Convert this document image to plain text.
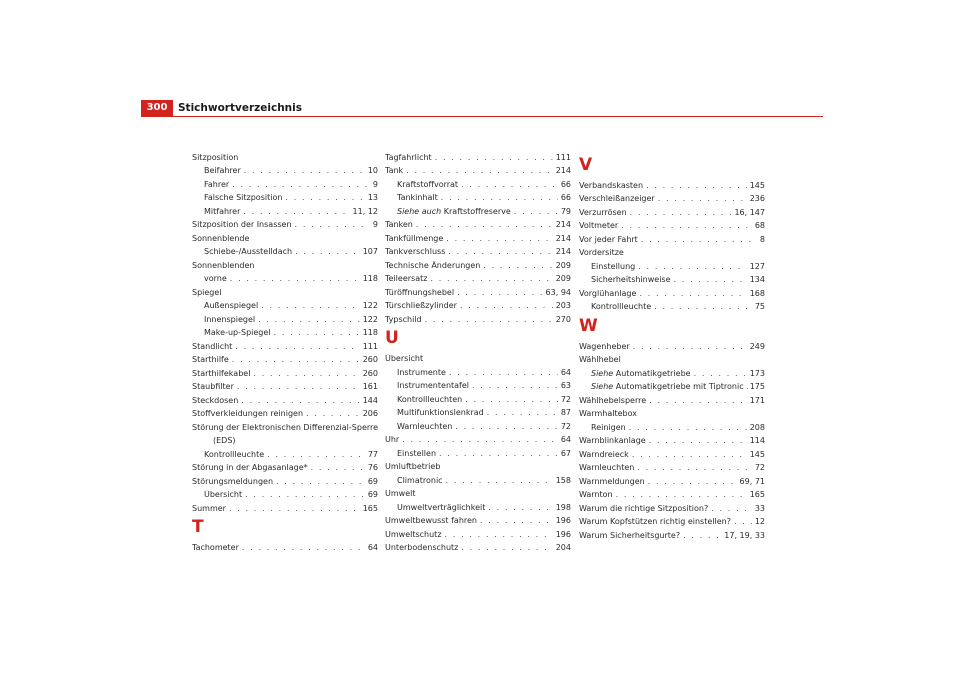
300	Stichwortverzeichnis
Sitzposition
Beifahrer . . .	10
Fahrer . . .	9
Falsche Sitzposition . . .	13
Mitfahrer . . .	11, 12
Sitzposition der Insassen . . .	9
Sonnenblende
Schiebe-/Ausstelldach . . .	107
Sonnenblenden
vorne . . .	118
Spiegel
Außenspiegel . . .	122
Innenspiegel . . .	122
Make-up-Spiegel . . .	118
Standlicht . . .	111
Starthilfe . . .	260
Starthilfekabel . . .	260
Staubfilter . . .	161
Steckdosen . . .	144
Stoffverkleidungen reinigen . . .	206
Störung der Elektronischen Differenzial-Sperre
(EDS)
Kontrollleuchte . . .	77
Störung in der Abgasanlage* . . .	76
Störungsmeldungen . . .	69
Übersicht . . .	69
Summer . . .	165
T
Tachometer . . .	64
Tagfahrlicht . . .	111
Tank . . .	214
Kraftstoffvorrat . . .	66
Tankinhalt . . .	66
Siehe auch Kraftstoffreserve . . .	79
Tanken . . .	214
Tankfüllmenge . . .	214
Tankverschluss . . .	214
Technische Änderungen . . .	209
Teileersatz . . .	209
Türöffnungshebel . . .	63, 94
Türschließzylinder . . .	203
Typschild . . .	270
U
Übersicht
Instrumente . . .	64
Instrumententafel . . .	63
Kontrollleuchten . . .	72
Multifunktionslenkrad . . .	87
Warnleuchten . . .	72
Uhr . . .	64
Einstellen . . .	67
Umluftbetrieb
Climatronic . . .	158
Umwelt
Umweltverträglichkeit . . .	198
Umweltbewusst fahren . . .	196
Umweltschutz . . .	196
Unterbodenschutz . . .	204
V
Verbandskasten . . .	145
Verschleißanzeiger . . .	236
Verzurrösen . . .	16, 147
Voltmeter . . .	68
Vor jeder Fahrt . . .	8
Vordersitze
Einstellung . . .	127
Sicherheitshinweise . . .	134
Vorglühanlage . . .	168
Kontrollleuchte . . .	75
W
Wagenheber . . .	249
Wählhebel
Siehe Automatikgetriebe . . .	173
Siehe Automatikgetriebe mit Tiptronic . . . 175
Wählhebelsperre . . .	171
Warmhaltebox
Reinigen . . .	208
Warnblinkanlage . . .	114
Warndreieck . . .	145
Warnleuchten . . .	72
Warnmeldungen . . .	69, 71
Warnton . . .	165
Warum die richtige Sitzposition? . . .	33
Warum Kopfstützen richtig einstellen? . . .	12
Warum Sicherheitsgurte? . . .	17, 19, 33
